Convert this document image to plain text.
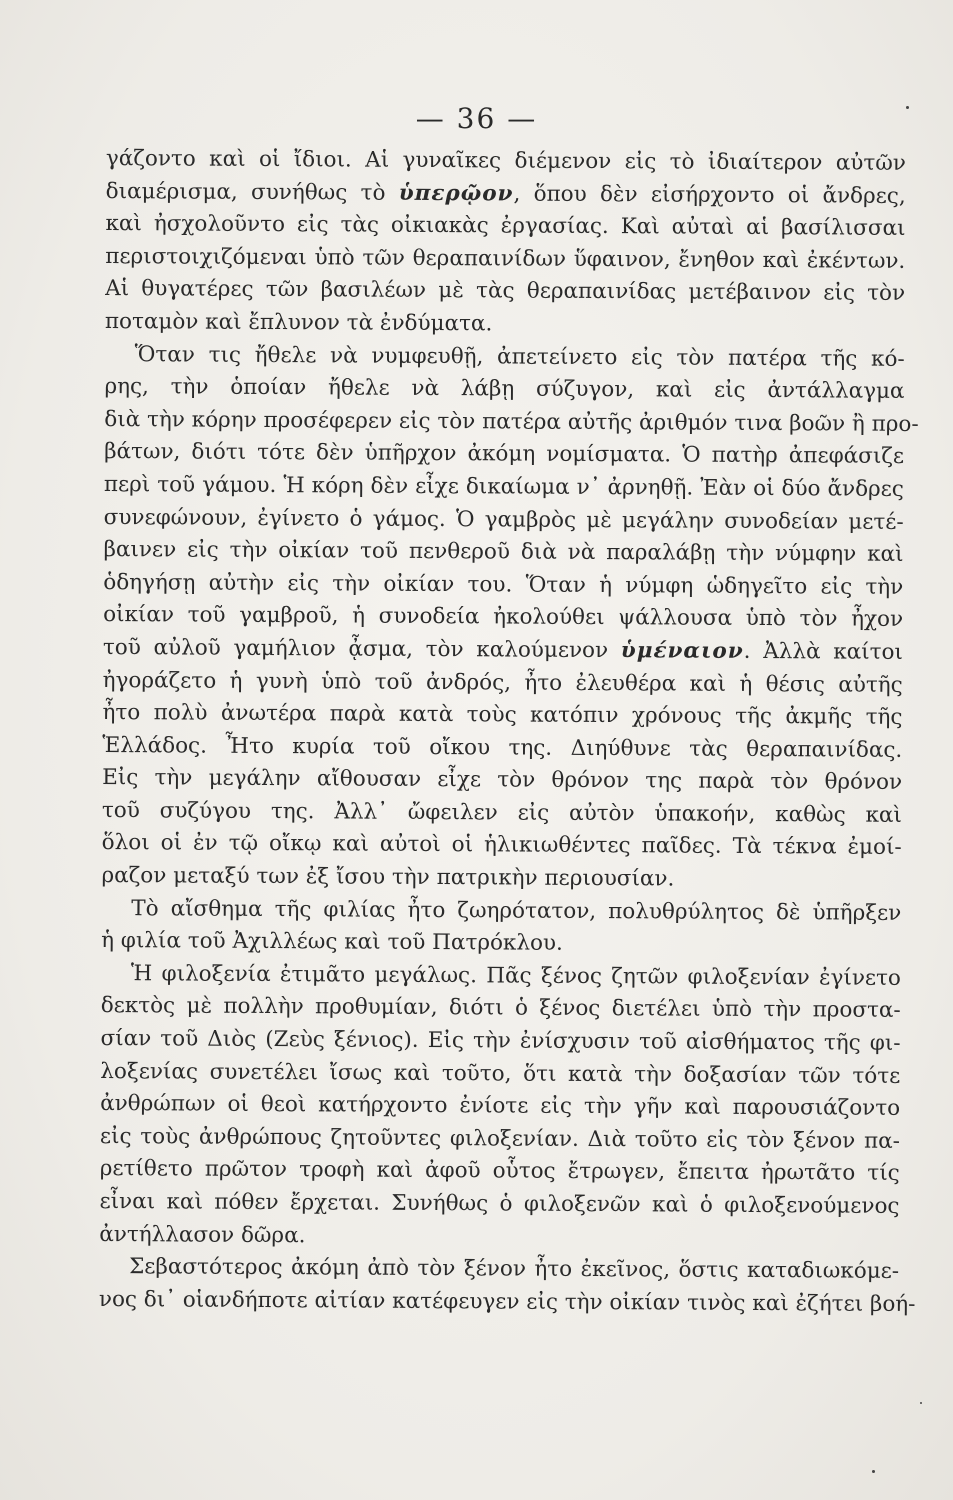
— 36 —
γάζοντο καὶ οἱ ἴδιοι. Αἱ γυναῖκες διέμενον εἰς τὸ ἰδιαίτερον αὐτῶν
διαμέρισμα, συνήθως τὸ ὑπερῷον, ὅπου δὲν εἰσήρχοντο οἱ ἄνδρες,
καὶ ἠσχολοῦντο εἰς τὰς οἰκιακὰς ἐργασίας. Καὶ αὐταὶ αἱ βασίλισσαι
περιστοιχιζόμεναι ὑπὸ τῶν θεραπαινίδων ὕφαινον, ἔνηθον καὶ ἐκέντων.
Αἱ θυγατέρες τῶν βασιλέων μὲ τὰς θεραπαινίδας μετέβαινον εἰς τὸν
ποταμὸν καὶ ἔπλυνον τὰ ἐνδύματα.
Ὅταν τις ἤθελε νὰ νυμφευθῇ, ἀπετείνετο εἰς τὸν πατέρα τῆς κό-
ρης, τὴν ὁποίαν ἤθελε νὰ λάβῃ σύζυγον, καὶ εἰς ἀντάλλαγμα
διὰ τὴν κόρην προσέφερεν εἰς τὸν πατέρα αὐτῆς ἀριθμόν τινα βοῶν ἢ προ-
βάτων, διότι τότε δὲν ὑπῆρχον ἀκόμη νομίσματα. Ὁ πατὴρ ἀπεφάσιζε
περὶ τοῦ γάμου. Ἡ κόρη δὲν εἶχε δικαίωμα ν᾿ ἀρνηθῇ. Ἐὰν οἱ δύο ἄνδρες
συνεφώνουν, ἐγίνετο ὁ γάμος. Ὁ γαμβρὸς μὲ μεγάλην συνοδείαν μετέ-
βαινεν εἰς τὴν οἰκίαν τοῦ πενθεροῦ διὰ νὰ παραλάβῃ τὴν νύμφην καὶ
ὁδηγήσῃ αὐτὴν εἰς τὴν οἰκίαν του. Ὅταν ἡ νύμφη ὡδηγεῖτο εἰς τὴν
οἰκίαν τοῦ γαμβροῦ, ἡ συνοδεία ἠκολούθει ψάλλουσα ὑπὸ τὸν ἦχον
τοῦ αὐλοῦ γαμήλιον ᾆσμα, τὸν καλούμενον ὑμέναιον. Ἀλλὰ καίτοι
ἠγοράζετο ἡ γυνὴ ὑπὸ τοῦ ἀνδρός, ἦτο ἐλευθέρα καὶ ἡ θέσις αὐτῆς
ἦτο πολὺ ἀνωτέρα παρὰ κατὰ τοὺς κατόπιν χρόνους τῆς ἀκμῆς τῆς
Ἑλλάδος. Ἦτο κυρία τοῦ οἴκου της. Διηύθυνε τὰς θεραπαινίδας.
Εἰς τὴν μεγάλην αἴθουσαν εἶχε τὸν θρόνον της παρὰ τὸν θρόνον
τοῦ συζύγου της. Ἀλλ᾿ ὤφειλεν εἰς αὐτὸν ὑπακοήν, καθὼς καὶ
ὅλοι οἱ ἐν τῷ οἴκῳ καὶ αὐτοὶ οἱ ἡλικιωθέντες παῖδες. Τὰ τέκνα ἐμοί-
ραζον μεταξύ των ἐξ ἴσου τὴν πατρικὴν περιουσίαν.
Τὸ αἴσθημα τῆς φιλίας ἦτο ζωηρότατον, πολυθρύλητος δὲ ὑπῆρξεν
ἡ φιλία τοῦ Ἀχιλλέως καὶ τοῦ Πατρόκλου.
Ἡ φιλοξενία ἐτιμᾶτο μεγάλως. Πᾶς ξένος ζητῶν φιλοξενίαν ἐγίνετο
δεκτὸς μὲ πολλὴν προθυμίαν, διότι ὁ ξένος διετέλει ὑπὸ τὴν προστα-
σίαν τοῦ Διὸς (Ζεὺς ξένιος). Εἰς τὴν ἐνίσχυσιν τοῦ αἰσθήματος τῆς φι-
λοξενίας συνετέλει ἴσως καὶ τοῦτο, ὅτι κατὰ τὴν δοξασίαν τῶν τότε
ἀνθρώπων οἱ θεοὶ κατήρχοντο ἐνίοτε εἰς τὴν γῆν καὶ παρουσιάζοντο
εἰς τοὺς ἀνθρώπους ζητοῦντες φιλοξενίαν. Διὰ τοῦτο εἰς τὸν ξένον πα-
ρετίθετο πρῶτον τροφὴ καὶ ἀφοῦ οὗτος ἔτρωγεν, ἔπειτα ἠρωτᾶτο τίς
εἶναι καὶ πόθεν ἔρχεται. Συνήθως ὁ φιλοξενῶν καὶ ὁ φιλοξενούμενος
ἀντήλλασον δῶρα.
Σεβαστότερος ἀκόμη ἀπὸ τὸν ξένον ἦτο ἐκεῖνος, ὅστις καταδιωκόμε-
νος δι᾿ οἱανδήποτε αἰτίαν κατέφευγεν εἰς τὴν οἰκίαν τινὸς καὶ ἐζήτει βοή-
